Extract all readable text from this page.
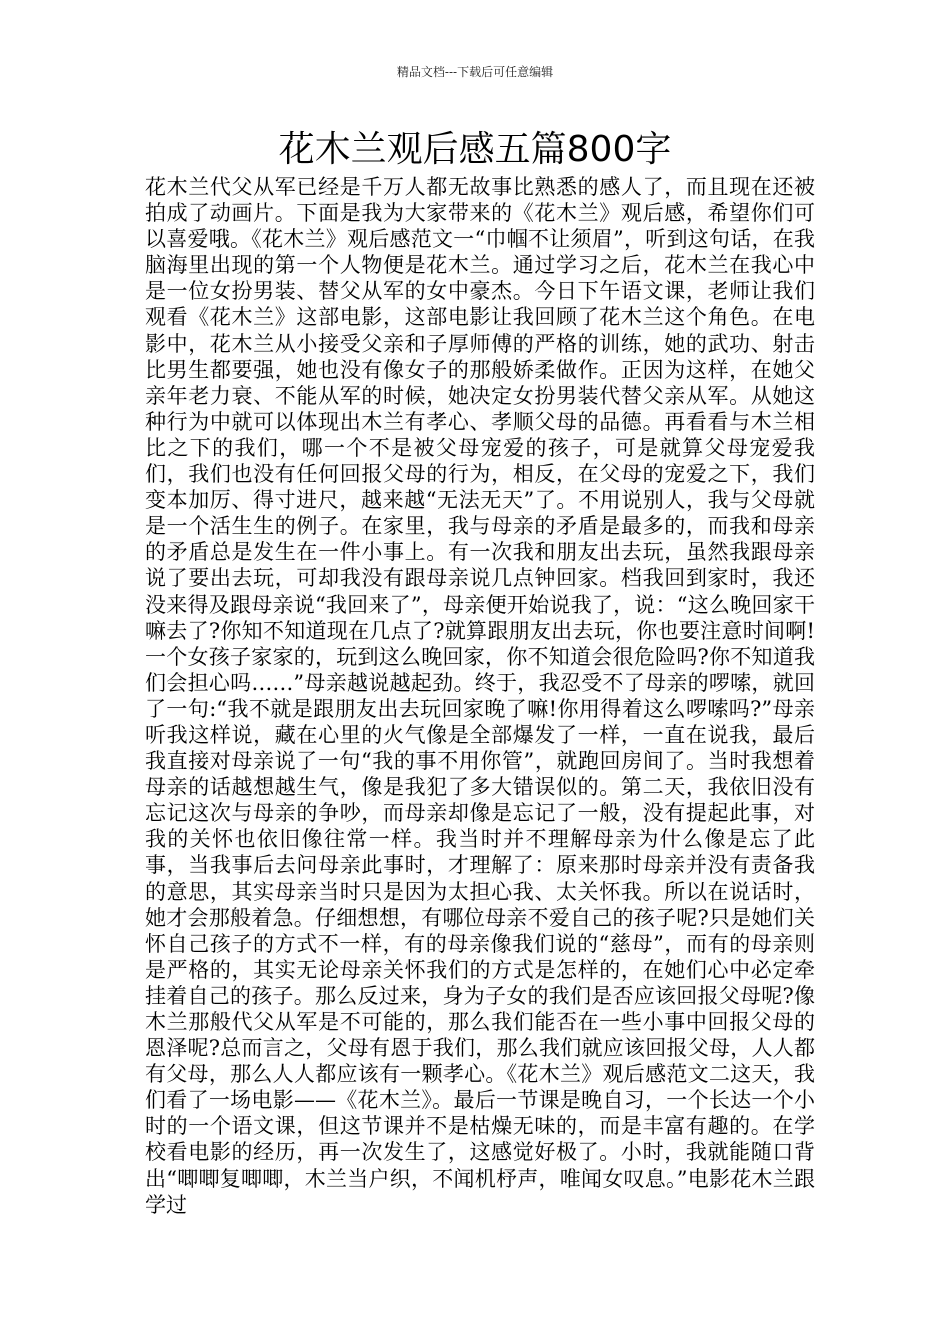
精品文档---下载后可任意编辑
花木兰观后感五篇800字

花木兰代父从军已经是千万人都无故事比熟悉的感人了，而且现在还被拍成了动画片。下面是我为大家带来的《花木兰》观后感，希望你们可以喜爱哦。《花木兰》观后感范文一“巾帼不让须眉”，听到这句话，在我脑海里出现的第一个人物便是花木兰。通过学习之后，花木兰在我心中是一位女扮男装、替父从军的女中豪杰。今日下午语文课，老师让我们观看《花木兰》这部电影，这部电影让我回顾了花木兰这个角色。在电影中，花木兰从小接受父亲和子厚师傅的严格的训练，她的武功、射击比男生都要强，她也没有像女子的那般娇柔做作。正因为这样，在她父亲年老力衰、不能从军的时候，她决定女扮男装代替父亲从军。从她这种行为中就可以体现出木兰有孝心、孝顺父母的品德。再看看与木兰相比之下的我们，哪一个不是被父母宠爱的孩子，可是就算父母宠爱我们，我们也没有任何回报父母的行为，相反，在父母的宠爱之下，我们变本加厉、得寸进尺，越来越“无法无天”了。不用说别人，我与父母就是一个活生生的例子。在家里，我与母亲的矛盾是最多的，而我和母亲的矛盾总是发生在一件小事上。有一次我和朋友出去玩，虽然我跟母亲说了要出去玩，可却我没有跟母亲说几点钟回家。档我回到家时，我还没来得及跟母亲说“我回来了”，母亲便开始说我了，说：“这么晚回家干嘛去了?你知不知道现在几点了?就算跟朋友出去玩，你也要注意时间啊!一个女孩子家家的，玩到这么晚回家，你不知道会很危险吗?你不知道我们会担心吗……”母亲越说越起劲。终于，我忍受不了母亲的啰嗦，就回了一句:“我不就是跟朋友出去玩回家晚了嘛!你用得着这么啰嗦吗?”母亲听我这样说，藏在心里的火气像是全部爆发了一样，一直在说我，最后我直接对母亲说了一句“我的事不用你管”，就跑回房间了。当时我想着母亲的话越想越生气，像是我犯了多大错误似的。第二天，我依旧没有忘记这次与母亲的争吵，而母亲却像是忘记了一般，没有提起此事，对我的关怀也依旧像往常一样。我当时并不理解母亲为什么像是忘了此事，当我事后去问母亲此事时，才理解了：原来那时母亲并没有责备我的意思，其实母亲当时只是因为太担心我、太关怀我。所以在说话时，她才会那般着急。仔细想想，有哪位母亲不爱自己的孩子呢?只是她们关怀自己孩子的方式不一样，有的母亲像我们说的“慈母”，而有的母亲则是严格的，其实无论母亲关怀我们的方式是怎样的，在她们心中必定牵挂着自己的孩子。那么反过来，身为子女的我们是否应该回报父母呢?像木兰那般代父从军是不可能的，那么我们能否在一些小事中回报父母的恩泽呢?总而言之，父母有恩于我们，那么我们就应该回报父母，人人都有父母，那么人人都应该有一颗孝心。《花木兰》观后感范文二这天，我们看了一场电影——《花木兰》。最后一节课是晚自习，一个长达一个小时的一个语文课，但这节课并不是枯燥无味的，而是丰富有趣的。在学校看电影的经历，再一次发生了，这感觉好极了。小时，我就能随口背出“唧唧复唧唧，木兰当户织，不闻机杼声，唯闻女叹息。”电影花木兰跟学过
